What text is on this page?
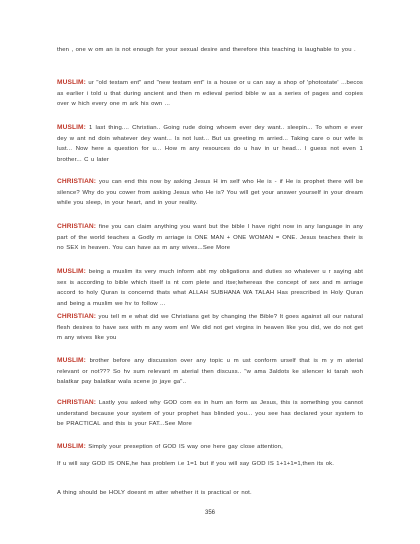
then , one w om an is not enough for your sexual desire and therefore this teaching is laughable to you .
MUSLIM: ur "old testam ent" and "new testam ent" is a house or u can say a shop of 'photostate' ...becos as earlier i told u that during ancient and then m edieval period bible w as a series of pages and copies over w hich every one m ark his own ...
MUSLIM: 1 last thing.... Christian.. Going rude doing whoem ever dey want.. sleepin... To whom e ever dey w ant nd doin whatever dey want... Is not lust... But us greeting m arried... Taking care o our wife is lust... Now here a question for u... How m any resources do u hav in ur head... I guess not even 1 brother... C u later
CHRISTIAN: you can end this now by asking Jesus H im self who He is - if He is prophet there will be silence? Why do you cower from asking Jesus who He is? You will get your answer yourself in your dream while you sleep, in your heart, and in your reality.
CHRISTIAN: fine you can claim anything you want but the bible I have right now in any language in any part of the world teaches a Godly m arriage is ONE MAN + ONE WOMAN = ONE. Jesus teaches their is no SEX in heaven. You can have as m any wives...See More
MUSLIM: being a muslim its very much inform abt my obligations and duties so whatever u r saying abt sex is according to bible which itself is nt com plete and itse;lwhereas the concept of sex and m arriage accord to holy Quran is concernd thats what ALLAH SUBHANA WA TALAH Has prescribed in Holy Quran and being a muslim we hv to follow ...
CHRISTIAN: you tell m e what did we Christians get by changing the Bible? It goes against all our natural flesh desires to have sex with m any wom en! We did not get virgins in heaven like you did, we do not get m any wives like you
MUSLIM: brother before any discussion over any topic u m ust conform urself that is m y m aterial relevant or not??? So hv sum relevant m aterial then discuss.. "w ama 3aldots ke silencer ki tarah woh balatkar pay balatkar wala scene jo jaye ga"..
CHRISTIAN: Lastly you asked why GOD com es in hum an form as Jesus, this is something you cannot understand because your system of your prophet has blinded you... you see has declared your system to be PRACTICAL and this is your FAT...See More
MUSLIM: Simply your preseption of GOD IS way one here gay close attention,
If u will say GOD IS ONE,he has problem i.e 1=1 but if you will say GOD IS 1+1+1=1,then its ok.
A thing should be HOLY doesnt m atter whether it is practical or not.
356
